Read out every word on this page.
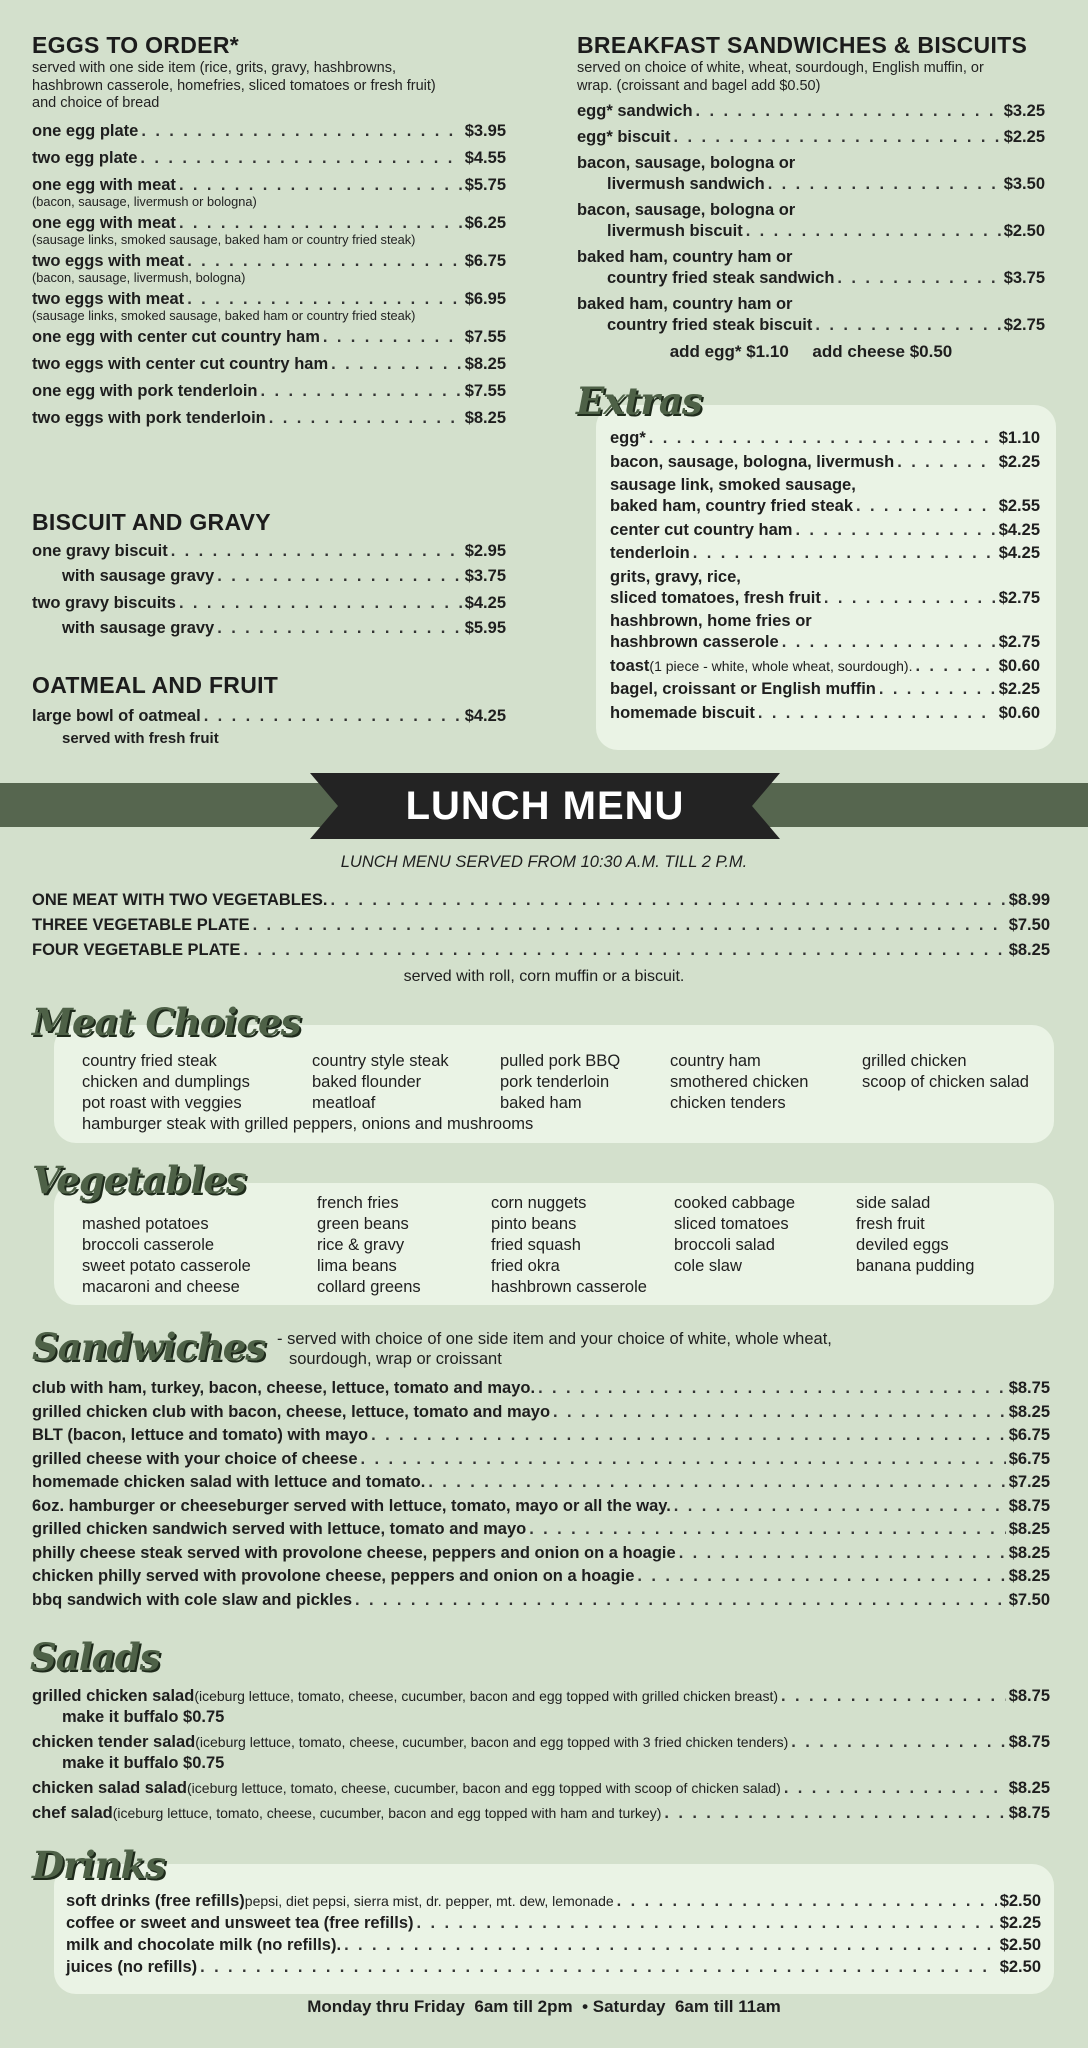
EGGS TO ORDER*
served with one side item (rice, grits, gravy, hashbrowns,
hashbrown casserole, homefries, sliced tomatoes or fresh fruit)
and choice of bread
one egg plate . . .	$3.95
two egg plate . . .	$4.55
one egg with meat . . .	$5.75
(bacon, sausage, livermush or bologna)
one egg with meat . . .	$6.25
(sausage links, smoked sausage, baked ham or country fried steak)
two eggs with meat . . .	$6.75
(bacon, sausage, livermush, bologna)
two eggs with meat . . .	$6.95
(sausage links, smoked sausage, baked ham or country fried steak)
one egg with center cut country ham . . .	$7.55
two eggs with center cut country ham . . .	$8.25
one egg with pork tenderloin . . .	$7.55
two eggs with pork tenderloin . . .	$8.25
BISCUIT AND GRAVY
one gravy biscuit . . .	$2.95
with sausage gravy . . .	$3.75
two gravy biscuits . . .	$4.25
with sausage gravy . . .	$5.95
OATMEAL AND FRUIT
large bowl of oatmeal . . .	$4.25
served with fresh fruit
BREAKFAST SANDWICHES & BISCUITS
served on choice of white, wheat, sourdough, English muffin, or
wrap. (croissant and bagel add $0.50)
egg* sandwich . . .	$3.25
egg* biscuit . . .	$2.25
bacon, sausage, bologna or
livermush sandwich . . .	$3.50
bacon, sausage, bologna or
livermush biscuit . . .	$2.50
baked ham, country ham or
country fried steak sandwich . . .	$3.75
baked ham, country ham or
country fried steak biscuit . . .	$2.75
add egg* $1.10     add cheese $0.50
Extras
egg* . . .	$1.10
bacon, sausage, bologna, livermush . . .	$2.25
sausage link, smoked sausage,
baked ham, country fried steak . . .	$2.55
center cut country ham . . .	$4.25
tenderloin . . .	$4.25
grits, gravy, rice,
sliced tomatoes, fresh fruit . . .	$2.75
hashbrown, home fries or
hashbrown casserole . . .	$2.75
toast (1 piece - white, whole wheat, sourdough). . . .	$0.60
bagel, croissant or English muffin . . .	$2.25
homemade biscuit . . .	$0.60
LUNCH MENU
LUNCH MENU SERVED FROM 10:30 A.M. TILL 2 P.M.
ONE MEAT WITH TWO VEGETABLES. . . .	$8.99
THREE VEGETABLE PLATE . . .	$7.50
FOUR VEGETABLE PLATE . . .	$8.25
served with roll, corn muffin or a biscuit.
Meat Choices
country fried steak
chicken and dumplings
pot roast with veggies
country style steak
baked flounder
meatloaf
pulled pork BBQ
pork tenderloin
baked ham
country ham
smothered chicken
chicken tenders
grilled chicken
scoop of chicken salad
hamburger steak with grilled peppers, onions and mushrooms
Vegetables
mashed potatoes
broccoli casserole
sweet potato casserole
macaroni and cheese
french fries
green beans
rice & gravy
lima beans
collard greens
corn nuggets
pinto beans
fried squash
fried okra
hashbrown casserole
cooked cabbage
sliced tomatoes
broccoli salad
cole slaw
side salad
fresh fruit
deviled eggs
banana pudding
Sandwiches - served with choice of one side item and your choice of white, whole wheat,
sourdough, wrap or croissant
club with ham, turkey, bacon, cheese, lettuce, tomato and mayo. . . .	$8.75
grilled chicken club with bacon, cheese, lettuce, tomato and mayo . . .	$8.25
BLT (bacon, lettuce and tomato) with mayo . . .	$6.75
grilled cheese with your choice of cheese . . .	$6.75
homemade chicken salad with lettuce and tomato. . . .	$7.25
6oz. hamburger or cheeseburger served with lettuce, tomato, mayo or all the way. . . .	$8.75
grilled chicken sandwich served with lettuce, tomato and mayo . . .	$8.25
philly cheese steak served with provolone cheese, peppers and onion on a hoagie . . .	$8.25
chicken philly served with provolone cheese, peppers and onion on a hoagie . . .	$8.25
bbq sandwich with cole slaw and pickles . . .	$7.50
Salads
grilled chicken salad (iceburg lettuce, tomato, cheese, cucumber, bacon and egg topped with grilled chicken breast) . . .	$8.75
make it buffalo $0.75
chicken tender salad (iceburg lettuce, tomato, cheese, cucumber, bacon and egg topped with 3 fried chicken tenders) . . .	$8.75
make it buffalo $0.75
chicken salad salad (iceburg lettuce, tomato, cheese, cucumber, bacon and egg topped with scoop of chicken salad) . . .	$8.25
chef salad (iceburg lettuce, tomato, cheese, cucumber, bacon and egg topped with ham and turkey) . . .	$8.75
Drinks
soft drinks (free refills) pepsi, diet pepsi, sierra mist, dr. pepper, mt. dew, lemonade . . .	$2.50
coffee or sweet and unsweet tea (free refills) . . .	$2.25
milk and chocolate milk (no refills). . . .	$2.50
juices (no refills) . . .	$2.50
Monday thru Friday  6am till 2pm  • Saturday  6am till 11am
